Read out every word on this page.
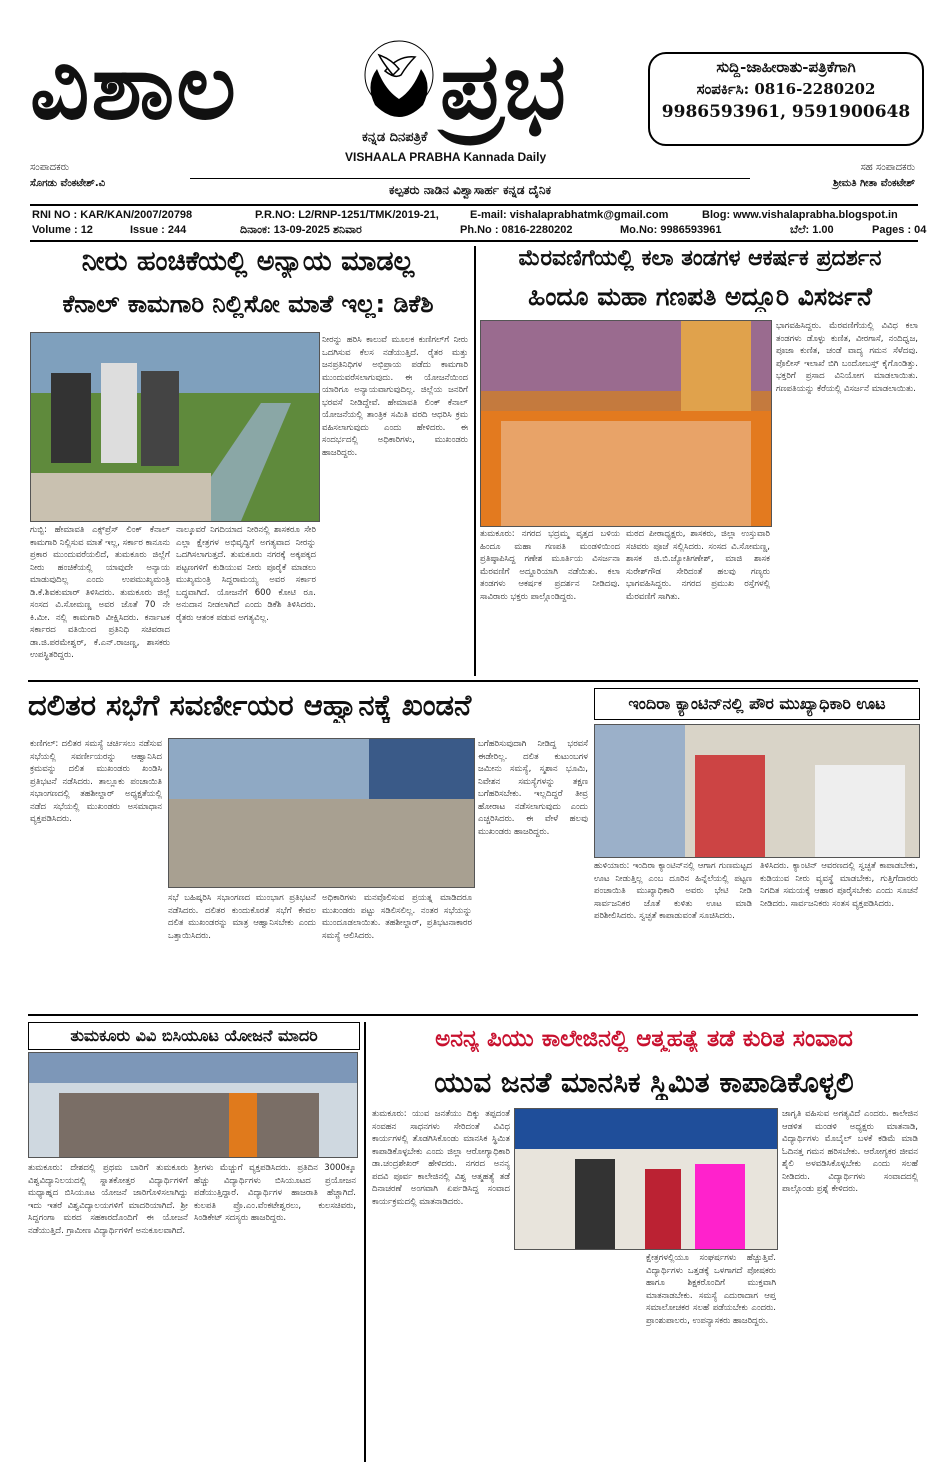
ವಿಶಾಲ ಪ್ರಭ
ಕನ್ನಡ ದಿನಪತ್ರಿಕೆ
VISHAALA PRABHA Kannada Daily
ಸುದ್ದಿ-ಜಾಹೀರಾತು-ಪತ್ರಿಕೆಗಾಗಿ
ಸಂಪರ್ಕಿಸಿ: 0816-2280202
9986593961, 9591900648
ಸಂಪಾದಕರು
ಸೊಗಡು ವೆಂಕಟೇಶ್.ವಿ
ಸಹ ಸಂಪಾದಕರು
ಶ್ರೀಮತಿ ಗೀತಾ ವೆಂಕಟೇಶ್
ಕಲ್ಪತರು ನಾಡಿನ ವಿಶ್ವಾಸಾರ್ಹ ಕನ್ನಡ ದೈನಿಕ
RNI NO : KAR/KAN/2007/20798	P.R.NO: L2/RNP-1251/TMK/2019-21,	E-mail: vishalaprabhatmk@gmail.com	Blog: www.vishalaprabha.blogspot.in
Volume : 12	Issue : 244	ದಿನಾಂಕ: 13-09-2025 ಶನಿವಾರ	Ph.No : 0816-2280202	Mo.No: 9986593961	ಬೆಲೆ: 1.00	Pages : 04
ನೀರು ಹಂಚಿಕೆಯಲ್ಲಿ ಅನ್ಯಾಯ ಮಾಡಲ್ಲ
ಕೆನಾಲ್ ಕಾಮಗಾರಿ ನಿಲ್ಲಿಸೋ ಮಾತೆ ಇಲ್ಲ: ಡಿಕೆಶಿ
ನೀರನ್ನು ಹರಿಸಿ ಕಾಲುವೆ ಮೂಲಕ ಕುಣಿಗಲ್‌ಗೆ ನೀರು ಒದಗಿಸುವ ಕೆಲಸ ನಡೆಯುತ್ತಿದೆ. ರೈತರ ಮತ್ತು ಜನಪ್ರತಿನಿಧಿಗಳ ಅಭಿಪ್ರಾಯ ಪಡೆದು ಕಾಮಗಾರಿ ಮುಂದುವರೆಸಲಾಗುವುದು. ಈ ಯೋಜನೆಯಿಂದ ಯಾರಿಗೂ ಅನ್ಯಾಯವಾಗುವುದಿಲ್ಲ. ಜಿಲ್ಲೆಯ ಜನರಿಗೆ ಭರವಸೆ ನೀಡಿದ್ದೇವೆ. ಹೇಮಾವತಿ ಲಿಂಕ್ ಕೆನಾಲ್ ಯೋಜನೆಯಲ್ಲಿ ತಾಂತ್ರಿಕ ಸಮಿತಿ ವರದಿ ಆಧರಿಸಿ ಕ್ರಮ ವಹಿಸಲಾಗುವುದು ಎಂದು ಹೇಳಿದರು. ಈ ಸಂದರ್ಭದಲ್ಲಿ ಅಧಿಕಾರಿಗಳು, ಮುಖಂಡರು ಹಾಜರಿದ್ದರು.
ಗುಬ್ಬಿ: ಹೇಮಾವತಿ ಎಕ್ಸ್‌ಪ್ರೆಸ್ ಲಿಂಕ್ ಕೆನಾಲ್ ಕಾಮಗಾರಿ ನಿಲ್ಲಿಸುವ ಮಾತೆ ಇಲ್ಲ, ಸರ್ಕಾರ ಕಾನೂನು ಪ್ರಕಾರ ಮುಂದುವರೆಯಲಿದೆ, ತುಮಕೂರು ಜಿಲ್ಲೆಗೆ ನೀರು ಹಂಚಿಕೆಯಲ್ಲಿ ಯಾವುದೇ ಅನ್ಯಾಯ ಮಾಡುವುದಿಲ್ಲ ಎಂದು ಉಪಮುಖ್ಯಮಂತ್ರಿ ಡಿ.ಕೆ.ಶಿವಕುಮಾರ್ ತಿಳಿಸಿದರು. ತುಮಕೂರು ಜಿಲ್ಲೆ ಸಂಸದ ವಿ.ಸೋಮಣ್ಣ ಅವರ ಜೊತೆ 70 ನೇ ಕಿ.ಮೀ. ನಲ್ಲಿ ಕಾಮಗಾರಿ ವೀಕ್ಷಿಸಿದರು. ಕರ್ನಾಟಕ ಸರ್ಕಾರದ ವತಿಯಿಂದ ಪ್ರತಿನಿಧಿ ಸಚಿವರಾದ ಡಾ.ಜಿ.ಪರಮೇಶ್ವರ್, ಕೆ.ಎನ್.ರಾಜಣ್ಣ, ಶಾಸಕರು ಉಪಸ್ಥಿತರಿದ್ದರು.
ನಾಲ್ಕೂವರೆ ನಿಗದಿಯಾದ ನೀರಿನಲ್ಲಿ ಶಾಸಕರೂ ಸೇರಿ ಎಲ್ಲಾ ಕ್ಷೇತ್ರಗಳ ಅಭಿವೃದ್ಧಿಗೆ ಅಗತ್ಯವಾದ ನೀರನ್ನು ಒದಗಿಸಲಾಗುತ್ತದೆ. ತುಮಕೂರು ನಗರಕ್ಕೆ ಅಕ್ಕಪಕ್ಕದ ಪಟ್ಟಣಗಳಿಗೆ ಕುಡಿಯುವ ನೀರು ಪೂರೈಕೆ ಮಾಡಲು ಮುಖ್ಯಮಂತ್ರಿ ಸಿದ್ದರಾಮಯ್ಯ ಅವರ ಸರ್ಕಾರ ಬದ್ಧವಾಗಿದೆ. ಯೋಜನೆಗೆ 600 ಕೋಟಿ ರೂ. ಅನುದಾನ ನೀಡಲಾಗಿದೆ ಎಂದು ಡಿಕೆಶಿ ತಿಳಿಸಿದರು. ರೈತರು ಆತಂಕ ಪಡುವ ಅಗತ್ಯವಿಲ್ಲ.
ಮೆರವಣಿಗೆಯಲ್ಲಿ ಕಲಾ ತಂಡಗಳ ಆಕರ್ಷಕ ಪ್ರದರ್ಶನ
ಹಿಂದೂ ಮಹಾ ಗಣಪತಿ ಅದ್ದೂರಿ ವಿಸರ್ಜನೆ
ಭಾಗವಹಿಸಿದ್ದರು. ಮೆರವಣಿಗೆಯಲ್ಲಿ ವಿವಿಧ ಕಲಾ ತಂಡಗಳು ಡೊಳ್ಳು ಕುಣಿತ, ವೀರಗಾಸೆ, ನಂದಿಧ್ವಜ, ಪೂಜಾ ಕುಣಿತ, ಚಂಡೆ ವಾದ್ಯ ಗಮನ ಸೆಳೆದವು. ಪೊಲೀಸ್ ಇಲಾಖೆ ಬಿಗಿ ಬಂದೋಬಸ್ತ್ ಕೈಗೊಂಡಿತ್ತು. ಭಕ್ತರಿಗೆ ಪ್ರಸಾದ ವಿನಿಯೋಗ ಮಾಡಲಾಯಿತು. ಗಣಪತಿಯನ್ನು ಕೆರೆಯಲ್ಲಿ ವಿಸರ್ಜನೆ ಮಾಡಲಾಯಿತು.
ತುಮಕೂರು: ನಗರದ ಭದ್ರಮ್ಮ ವೃತ್ತದ ಬಳಿಯ ಹಿಂದೂ ಮಹಾ ಗಣಪತಿ ಮಂಡಳಿಯಿಂದ ಪ್ರತಿಷ್ಠಾಪಿಸಿದ್ದ ಗಣೇಶ ಮೂರ್ತಿಯ ವಿಸರ್ಜನಾ ಮೆರವಣಿಗೆ ಅದ್ದೂರಿಯಾಗಿ ನಡೆಯಿತು. ಕಲಾ ತಂಡಗಳು ಆಕರ್ಷಕ ಪ್ರದರ್ಶನ ನೀಡಿದವು. ಸಾವಿರಾರು ಭಕ್ತರು ಪಾಲ್ಗೊಂಡಿದ್ದರು.
ಮಠದ ಪೀಠಾಧ್ಯಕ್ಷರು, ಶಾಸಕರು, ಜಿಲ್ಲಾ ಉಸ್ತುವಾರಿ ಸಚಿವರು ಪೂಜೆ ಸಲ್ಲಿಸಿದರು. ಸಂಸದ ವಿ.ಸೋಮಣ್ಣ, ಶಾಸಕ ಜಿ.ಬಿ.ಜ್ಯೋತಿಗಣೇಶ್, ಮಾಜಿ ಶಾಸಕ ಸುರೇಶ್‌ಗೌಡ ಸೇರಿದಂತೆ ಹಲವು ಗಣ್ಯರು ಭಾಗವಹಿಸಿದ್ದರು. ನಗರದ ಪ್ರಮುಖ ರಸ್ತೆಗಳಲ್ಲಿ ಮೆರವಣಿಗೆ ಸಾಗಿತು.
ದಲಿತರ ಸಭೆಗೆ ಸವರ್ಣೀಯರ ಆಹ್ವಾನಕ್ಕೆ ಖಂಡನೆ
ಕುಣಿಗಲ್: ದಲಿತರ ಸಮಸ್ಯೆ ಚರ್ಚಿಸಲು ನಡೆಸುವ ಸಭೆಯಲ್ಲಿ ಸವರ್ಣೀಯರನ್ನು ಆಹ್ವಾನಿಸಿದ ಕ್ರಮವನ್ನು ದಲಿತ ಮುಖಂಡರು ಖಂಡಿಸಿ ಪ್ರತಿಭಟನೆ ನಡೆಸಿದರು. ತಾಲ್ಲೂಕು ಪಂಚಾಯಿತಿ ಸಭಾಂಗಣದಲ್ಲಿ ತಹಶೀಲ್ದಾರ್ ಅಧ್ಯಕ್ಷತೆಯಲ್ಲಿ ನಡೆದ ಸಭೆಯಲ್ಲಿ ಮುಖಂಡರು ಅಸಮಾಧಾನ ವ್ಯಕ್ತಪಡಿಸಿದರು.
ಸಭೆ ಬಹಿಷ್ಕರಿಸಿ ಸಭಾಂಗಣದ ಮುಂಭಾಗ ಪ್ರತಿಭಟನೆ ನಡೆಸಿದರು. ದಲಿತರ ಕುಂದುಕೊರತೆ ಸಭೆಗೆ ಕೇವಲ ದಲಿತ ಮುಖಂಡರನ್ನು ಮಾತ್ರ ಆಹ್ವಾನಿಸಬೇಕು ಎಂದು ಒತ್ತಾಯಿಸಿದರು.
ಅಧಿಕಾರಿಗಳು ಮನವೊಲಿಸುವ ಪ್ರಯತ್ನ ಮಾಡಿದರೂ ಮುಖಂಡರು ಪಟ್ಟು ಸಡಿಲಿಸಲಿಲ್ಲ. ನಂತರ ಸಭೆಯನ್ನು ಮುಂದೂಡಲಾಯಿತು. ತಹಶೀಲ್ದಾರ್, ಪ್ರತಿಭಟನಾಕಾರರ ಸಮಸ್ಯೆ ಆಲಿಸಿದರು.
ಬಗೆಹರಿಸುವುದಾಗಿ ನೀಡಿದ್ದ ಭರವಸೆ ಈಡೇರಿಲ್ಲ. ದಲಿತ ಕುಟುಂಬಗಳ ಜಮೀನು ಸಮಸ್ಯೆ, ಸ್ಮಶಾನ ಭೂಮಿ, ನಿವೇಶನ ಸಮಸ್ಯೆಗಳನ್ನು ತಕ್ಷಣ ಬಗೆಹರಿಸಬೇಕು. ಇಲ್ಲದಿದ್ದರೆ ತೀವ್ರ ಹೋರಾಟ ನಡೆಸಲಾಗುವುದು ಎಂದು ಎಚ್ಚರಿಸಿದರು. ಈ ವೇಳೆ ಹಲವು ಮುಖಂಡರು ಹಾಜರಿದ್ದರು.
ಇಂದಿರಾ ಕ್ಯಾಂಟಿನ್‌ನಲ್ಲಿ ಪೌರ ಮುಖ್ಯಾಧಿಕಾರಿ ಊಟ
ಹುಳಿಯಾರು: ಇಂದಿರಾ ಕ್ಯಾಂಟಿನ್‌ನಲ್ಲಿ ಆಗಾಗ ಗುಣಮಟ್ಟದ ಊಟ ನೀಡುತ್ತಿಲ್ಲ ಎಂಬ ದೂರಿನ ಹಿನ್ನೆಲೆಯಲ್ಲಿ ಪಟ್ಟಣ ಪಂಚಾಯಿತಿ ಮುಖ್ಯಾಧಿಕಾರಿ ಅವರು ಭೇಟಿ ನೀಡಿ ಸಾರ್ವಜನಿಕರ ಜೊತೆ ಕುಳಿತು ಊಟ ಮಾಡಿ ಪರಿಶೀಲಿಸಿದರು. ಸ್ವಚ್ಛತೆ ಕಾಪಾಡುವಂತೆ ಸೂಚಿಸಿದರು.
ತಿಳಿಸಿದರು. ಕ್ಯಾಂಟಿನ್ ಆವರಣದಲ್ಲಿ ಸ್ವಚ್ಛತೆ ಕಾಪಾಡಬೇಕು, ಕುಡಿಯುವ ನೀರು ವ್ಯವಸ್ಥೆ ಮಾಡಬೇಕು, ಗುತ್ತಿಗೆದಾರರು ನಿಗದಿತ ಸಮಯಕ್ಕೆ ಆಹಾರ ಪೂರೈಸಬೇಕು ಎಂದು ಸೂಚನೆ ನೀಡಿದರು. ಸಾರ್ವಜನಿಕರು ಸಂತಸ ವ್ಯಕ್ತಪಡಿಸಿದರು.
ತುಮಕೂರು ವಿವಿ ಬಿಸಿಯೂಟ ಯೋಜನೆ ಮಾದರಿ
ತುಮಕೂರು: ದೇಶದಲ್ಲಿ ಪ್ರಥಮ ಬಾರಿಗೆ ತುಮಕೂರು ವಿಶ್ವವಿದ್ಯಾನಿಲಯದಲ್ಲಿ ಸ್ನಾತಕೋತ್ತರ ವಿದ್ಯಾರ್ಥಿಗಳಿಗೆ ಮಧ್ಯಾಹ್ನದ ಬಿಸಿಯೂಟ ಯೋಜನೆ ಜಾರಿಗೊಳಿಸಲಾಗಿದ್ದು ಇದು ಇತರೆ ವಿಶ್ವವಿದ್ಯಾಲಯಗಳಿಗೆ ಮಾದರಿಯಾಗಿದೆ. ಶ್ರೀ ಸಿದ್ದಗಂಗಾ ಮಠದ ಸಹಕಾರದೊಂದಿಗೆ ಈ ಯೋಜನೆ ನಡೆಯುತ್ತಿದೆ. ಗ್ರಾಮೀಣ ವಿದ್ಯಾರ್ಥಿಗಳಿಗೆ ಅನುಕೂಲವಾಗಿದೆ.
ಶ್ರೀಗಳು ಮೆಚ್ಚುಗೆ ವ್ಯಕ್ತಪಡಿಸಿದರು. ಪ್ರತಿದಿನ 3000ಕ್ಕೂ ಹೆಚ್ಚು ವಿದ್ಯಾರ್ಥಿಗಳು ಬಿಸಿಯೂಟದ ಪ್ರಯೋಜನ ಪಡೆಯುತ್ತಿದ್ದಾರೆ. ವಿದ್ಯಾರ್ಥಿಗಳ ಹಾಜರಾತಿ ಹೆಚ್ಚಾಗಿದೆ. ಕುಲಪತಿ ಪ್ರೊ.ಎಂ.ವೆಂಕಟೇಶ್ವರಲು, ಕುಲಸಚಿವರು, ಸಿಂಡಿಕೇಟ್ ಸದಸ್ಯರು ಹಾಜರಿದ್ದರು.
ಅನನ್ಯ ಪಿಯು ಕಾಲೇಜಿನಲ್ಲಿ ಆತ್ಮಹತ್ಯೆ ತಡೆ ಕುರಿತ ಸಂವಾದ
ಯುವ ಜನತೆ ಮಾನಸಿಕ ಸ್ಥಿಮಿತ ಕಾಪಾಡಿಕೊಳ್ಳಲಿ
ತುಮಕೂರು: ಯುವ ಜನತೆಯು ದಿಕ್ಕು ತಪ್ಪದಂತೆ ಸಂವಹನ ಸಾಧನಗಳು ಸೇರಿದಂತೆ ವಿವಿಧ ಕಾರ್ಯಗಳಲ್ಲಿ ತೊಡಗಿಸಿಕೊಂಡು ಮಾನಸಿಕ ಸ್ಥಿಮಿತ ಕಾಪಾಡಿಕೊಳ್ಳಬೇಕು ಎಂದು ಜಿಲ್ಲಾ ಆರೋಗ್ಯಾಧಿಕಾರಿ ಡಾ.ಚಂದ್ರಶೇಖರ್ ಹೇಳಿದರು. ನಗರದ ಅನನ್ಯ ಪದವಿ ಪೂರ್ವ ಕಾಲೇಜಿನಲ್ಲಿ ವಿಶ್ವ ಆತ್ಮಹತ್ಯೆ ತಡೆ ದಿನಾಚರಣೆ ಅಂಗವಾಗಿ ಏರ್ಪಡಿಸಿದ್ದ ಸಂವಾದ ಕಾರ್ಯಕ್ರಮದಲ್ಲಿ ಮಾತನಾಡಿದರು.
ಕ್ಷೇತ್ರಗಳಲ್ಲಿಯೂ ಸಂಘರ್ಷಗಳು ಹೆಚ್ಚುತ್ತಿವೆ. ವಿದ್ಯಾರ್ಥಿಗಳು ಒತ್ತಡಕ್ಕೆ ಒಳಗಾಗದೆ ಪೋಷಕರು ಹಾಗೂ ಶಿಕ್ಷಕರೊಂದಿಗೆ ಮುಕ್ತವಾಗಿ ಮಾತನಾಡಬೇಕು. ಸಮಸ್ಯೆ ಎದುರಾದಾಗ ಆಪ್ತ ಸಮಾಲೋಚಕರ ಸಲಹೆ ಪಡೆಯಬೇಕು ಎಂದರು. ಪ್ರಾಂಶುಪಾಲರು, ಉಪನ್ಯಾಸಕರು ಹಾಜರಿದ್ದರು.
ಜಾಗೃತಿ ವಹಿಸುವ ಅಗತ್ಯವಿದೆ ಎಂದರು. ಕಾಲೇಜಿನ ಆಡಳಿತ ಮಂಡಳಿ ಅಧ್ಯಕ್ಷರು ಮಾತನಾಡಿ, ವಿದ್ಯಾರ್ಥಿಗಳು ಮೊಬೈಲ್ ಬಳಕೆ ಕಡಿಮೆ ಮಾಡಿ ಓದಿನತ್ತ ಗಮನ ಹರಿಸಬೇಕು. ಆರೋಗ್ಯಕರ ಜೀವನ ಶೈಲಿ ಅಳವಡಿಸಿಕೊಳ್ಳಬೇಕು ಎಂದು ಸಲಹೆ ನೀಡಿದರು. ವಿದ್ಯಾರ್ಥಿಗಳು ಸಂವಾದದಲ್ಲಿ ಪಾಲ್ಗೊಂಡು ಪ್ರಶ್ನೆ ಕೇಳಿದರು.
